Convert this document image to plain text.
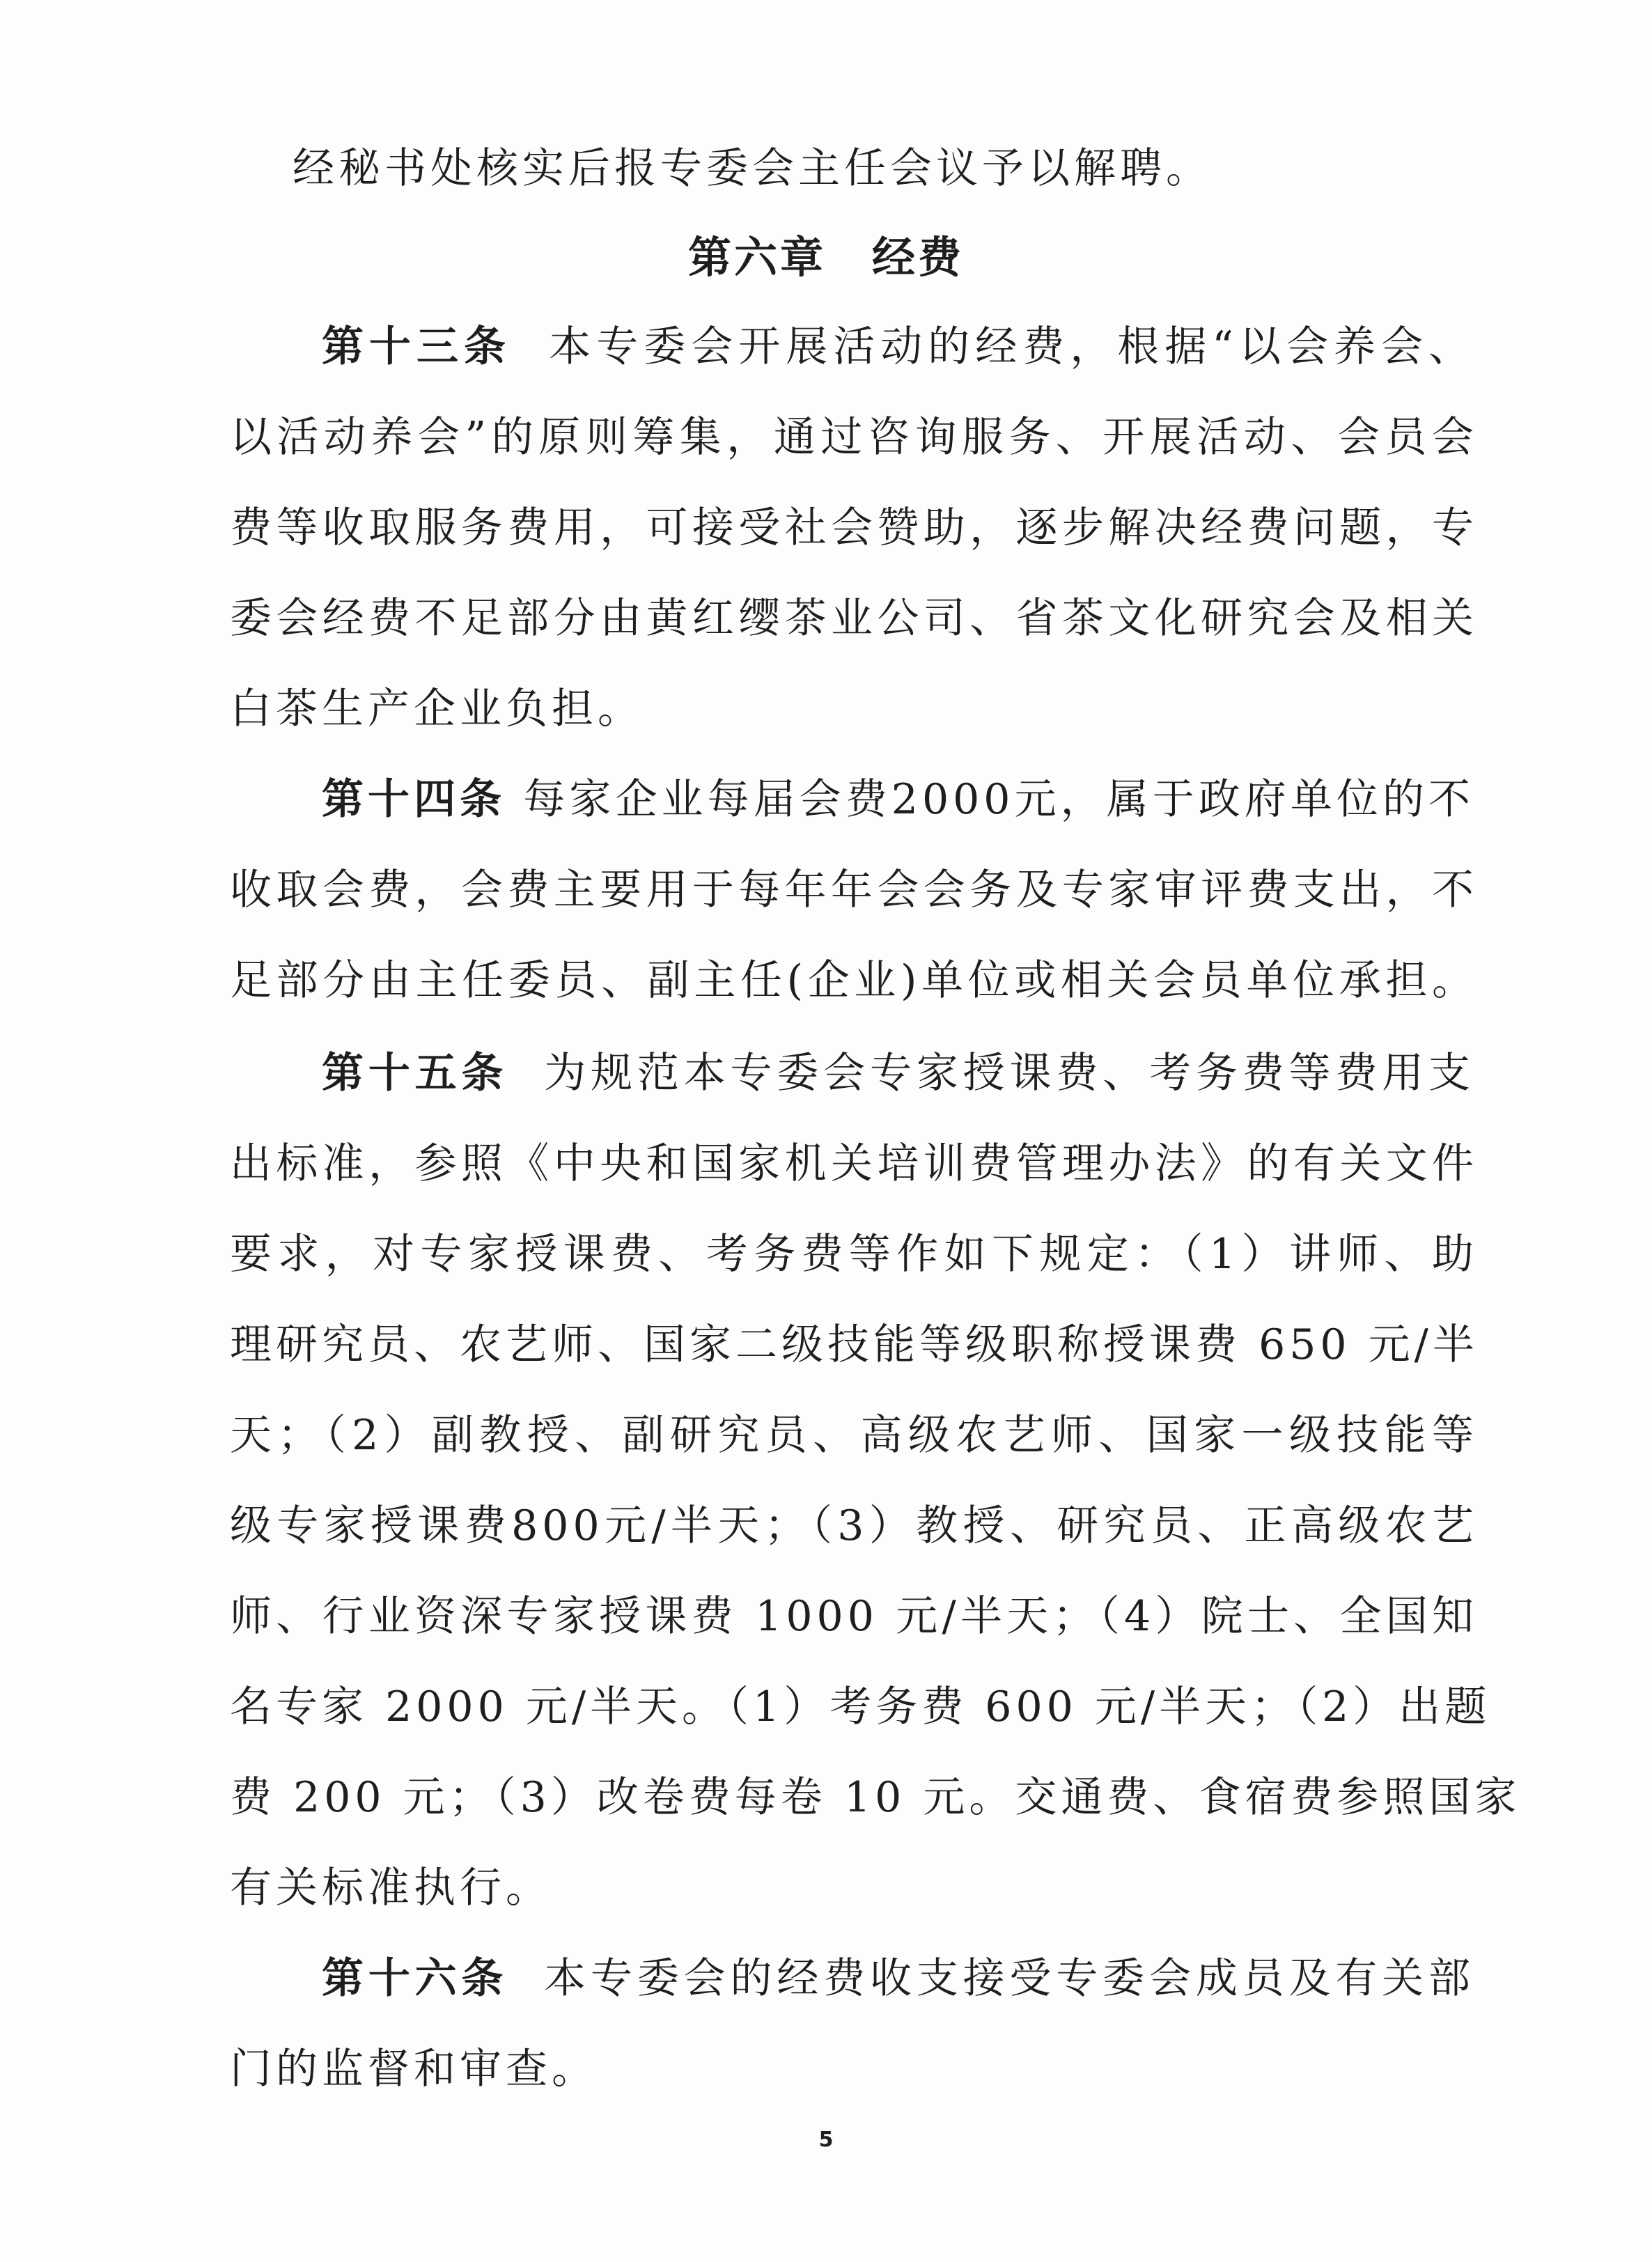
经秘书处核实后报专委会主任会议予以解聘。
第六章　经费
第十三条 本专委会开展活动的经费，根据“以会养会、
以活动养会”的原则筹集，通过咨询服务、开展活动、会员会
费等收取服务费用，可接受社会赞助，逐步解决经费问题，专
委会经费不足部分由黄红缨茶业公司、省茶文化研究会及相关
白茶生产企业负担。
第十四条 每家企业每届会费2000元，属于政府单位的不
收取会费，会费主要用于每年年会会务及专家审评费支出，不
足部分由主任委员、副主任(企业)单位或相关会员单位承担。
第十五条 为规范本专委会专家授课费、考务费等费用支
出标准，参照《中央和国家机关培训费管理办法》的有关文件
要求，对专家授课费、考务费等作如下规定：（1）讲师、助
理研究员、农艺师、国家二级技能等级职称授课费 650 元/半
天；（2）副教授、副研究员、高级农艺师、国家一级技能等
级专家授课费800元/半天；（3）教授、研究员、正高级农艺
师、行业资深专家授课费 1000 元/半天；（4）院士、全国知
名专家 2000 元/半天。（1）考务费 600 元/半天；（2）出题
费 200 元；（3）改卷费每卷 10 元。交通费、食宿费参照国家
有关标准执行。
第十六条 本专委会的经费收支接受专委会成员及有关部
门的监督和审查。
5
